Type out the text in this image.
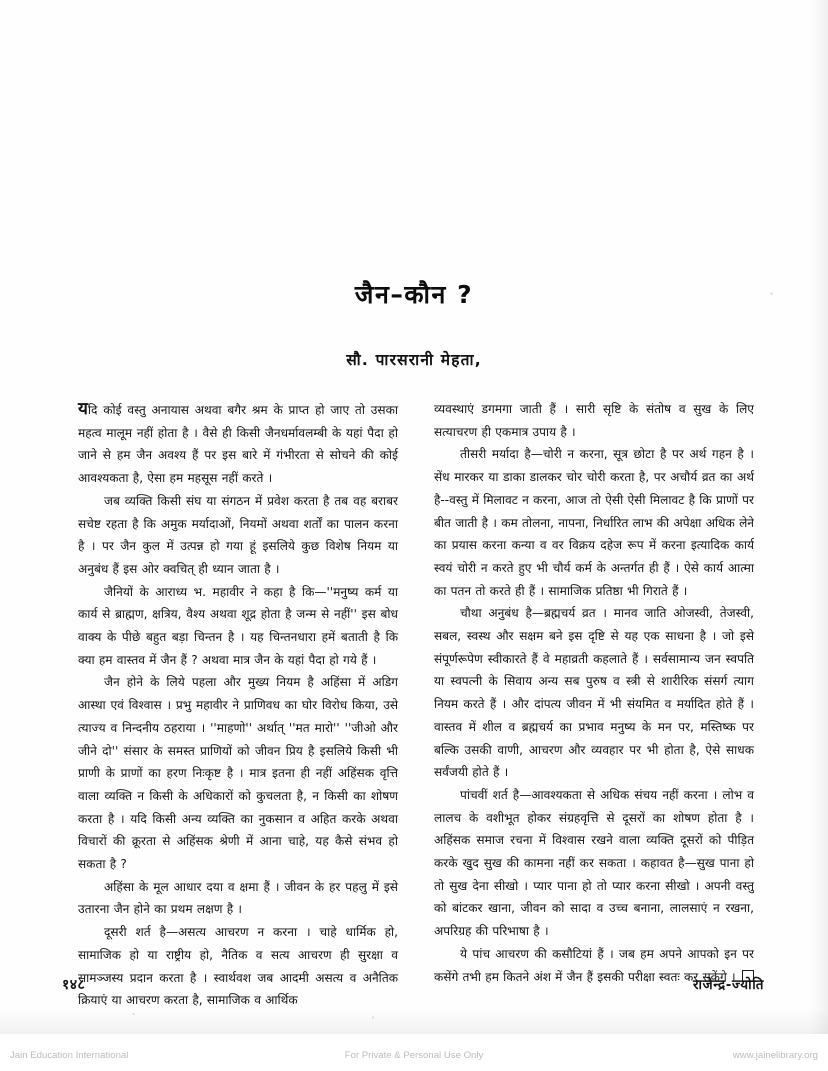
जैन–कौन ?
सौ. पारसरानी मेहता,

यदि कोई वस्तु अनायास अथवा बगैर श्रम के प्राप्त हो जाए तो उसका महत्व मालूम नहीं होता है । वैसे ही किसी जैनधर्मावलम्बी के यहां पैदा हो जाने से हम जैन अवश्य हैं पर इस बारे में गंभीरता से सोचने की कोई आवश्यकता है, ऐसा हम महसूस नहीं करते ।

जब व्यक्ति किसी संघ या संगठन में प्रवेश करता है तब वह बराबर सचेष्ट रहता है कि अमुक मर्यादाओं, नियमों अथवा शर्तों का पालन करना है । पर जैन कुल में उत्पन्न हो गया हूं इसलिये कुछ विशेष नियम या अनुबंध हैं इस ओर क्वचित् ही ध्यान जाता है ।

जैनियों के आराध्य भ. महावीर ने कहा है कि—''मनुष्य कर्म या कार्य से ब्राह्मण, क्षत्रिय, वैश्य अथवा शूद्र होता है जन्म से नहीं'' इस बोध वाक्य के पीछे बहुत बड़ा चिन्तन है । यह चिन्तनधारा हमें बताती है कि क्या हम वास्तव में जैन हैं ? अथवा मात्र जैन के यहां पैदा हो गये हैं ।

जैन होने के लिये पहला और मुख्य नियम है अहिंसा में अडिग आस्था एवं विश्वास । प्रभु महावीर ने प्राणिवध का घोर विरोध किया, उसे त्याज्य व निन्दनीय ठहराया । ''माहणो'' अर्थात् ''मत मारो'' ''जीओ और जीने दो'' संसार के समस्त प्राणियों को जीवन प्रिय है इसलिये किसी भी प्राणी के प्राणों का हरण निःकृष्ट है । मात्र इतना ही नहीं अहिंसक वृत्ति वाला व्यक्ति न किसी के अधिकारों को कुचलता है, न किसी का शोषण करता है । यदि किसी अन्य व्यक्ति का नुकसान व अहित करके अथवा विचारों की क्रूरता से अहिंसक श्रेणी में आना चाहे, यह कैसे संभव हो सकता है ?

अहिंसा के मूल आधार दया व क्षमा हैं । जीवन के हर पहलु में इसे उतारना जैन होने का प्रथम लक्षण है ।

दूसरी शर्त है—असत्य आचरण न करना । चाहे धार्मिक हो, सामाजिक हो या राष्ट्रीय हो, नैतिक व सत्य आचरण ही सुरक्षा व सामञ्जस्य प्रदान करता है । स्वार्थवश जब आदमी असत्य व अनैतिक क्रियाएं या आचरण करता है, सामाजिक व आर्थिक

व्यवस्थाएं डगमगा जाती हैं । सारी सृष्टि के संतोष व सुख के लिए सत्याचरण ही एकमात्र उपाय है ।

तीसरी मर्यादा है—चोरी न करना, सूत्र छोटा है पर अर्थ गहन है । सेंध मारकर या डाका डालकर चोर चोरी करता है, पर अचौर्य व्रत का अर्थ है--वस्तु में मिलावट न करना, आज तो ऐसी ऐसी मिलावट है कि प्राणों पर बीत जाती है । कम तोलना, नापना, निर्धारित लाभ की अपेक्षा अधिक लेने का प्रयास करना कन्या व वर विक्रय दहेज रूप में करना इत्यादिक कार्य स्वयं चोरी न करते हुए भी चौर्य कर्म के अन्तर्गत ही हैं । ऐसे कार्य आत्मा का पतन तो करते ही हैं । सामाजिक प्रतिष्ठा भी गिराते हैं ।

चौथा अनुबंध है—ब्रह्मचर्य व्रत । मानव जाति ओजस्वी, तेजस्वी, सबल, स्वस्थ और सक्षम बने इस दृष्टि से यह एक साधना है । जो इसे संपूर्णरूपेण स्वीकारते हैं वे महाव्रती कहलाते हैं । सर्वसामान्य जन स्वपति या स्वपत्नी के सिवाय अन्य सब पुरुष व स्त्री से शारीरिक संसर्ग त्याग नियम करते हैं । और दांपत्य जीवन में भी संयमित व मर्यादित होते हैं । वास्तव में शील व ब्रह्मचर्य का प्रभाव मनुष्य के मन पर, मस्तिष्क पर बल्कि उसकी वाणी, आचरण और व्यवहार पर भी होता है, ऐसे साधक सर्वंजयी होते हैं ।

पांचवीं शर्त है—आवश्यकता से अधिक संचय नहीं करना । लोभ व लालच के वशीभूत होकर संग्रहवृत्ति से दूसरों का शोषण होता है । अहिंसक समाज रचना में विश्वास रखने वाला व्यक्ति दूसरों को पीड़ित करके खुद सुख की कामना नहीं कर सकता । कहावत है—सुख पाना हो तो सुख देना सीखो । प्यार पाना हो तो प्यार करना सीखो । अपनी वस्तु को बांटकर खाना, जीवन को सादा व उच्च बनाना, लालसाएं न रखना, अपरिग्रह की परिभाषा है ।

ये पांच आचरण की कसौटियां हैं । जब हम अपने आपको इन पर कसेंगे तभी हम कितने अंश में जैन हैं इसकी परीक्षा स्वतः कर सकेंगे ।

१४८	राजेन्द्र-ज्योति
Jain Education International	For Private & Personal Use Only	www.jainelibrary.org
